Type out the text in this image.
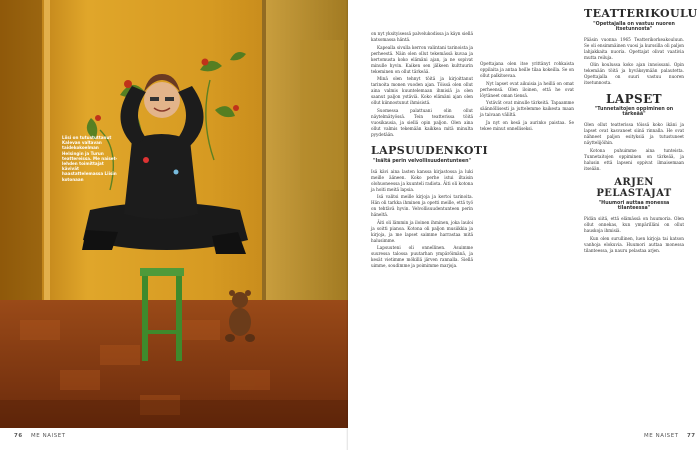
Liisi on tutustuttanut Kalevan valtavan taidekokoelman Helsingin ja Turun teattereissa. Me naiset-lehden toimittajat kävivät haastattelemassa Liisin kotonaan
76 ME NAISET

on nyt yksityisessä palvelukodissa ja käyn siellä katsomassa häntä.

Kapealla sivulla kerron valintani tarinoista ja perheestä. Näin olen ollut tekemässä kuvaa ja kertomusta koko elämäni ajan, ja ne sopivat minulle hyvin. Kaiken sen jälkeen kulttuurin tekeminen on ollut tärkeää.

Minä olen tehnyt töitä ja kirjoittanut tarinoita monen vuoden ajan. Töissä olen ollut aina valmis kuuntelemaan ihmisiä ja olen saanut paljon ystäviä. Koko elämäni ajan olen ollut kiinnostunut ihmisistä.

Suomessa palattuani olin ollut näytelmätyössä. Tein teatterissa töitä vuosikausia, ja siellä opin paljon. Olen aina ollut valmis tekemään kaikkea mitä minulta pyydetään.

LAPSUUDENKOTI
"Isältä perin velvollisuudentunteen"

Isä kävi aina lasten kanssa kirjastossa ja luki meille ääneen. Koko perhe istui iltaisin olohuoneessa ja kuunteli radiota. Äiti oli kotona ja hoiti meitä lapsia.

Isä valitsi meille kirjoja ja kertoi tarinoita. Hän oli tarkka ihminen ja opetti meille, että työ on tehtävä hyvin. Velvollisuudentunteen perin häneltä.

Äiti oli lämmin ja iloinen ihminen, joka lauloi ja soitti pianoa. Kotona oli paljon musiikkia ja kirjoja, ja me lapset saimme harrastaa mitä halusimme.

Lapsuuteni oli onnellinen. Asuimme suuressa talossa puutarhan ympäröimänä, ja kesät vietimme mökillä järven rannalla. Siellä uimme, soudimme ja poimimme marjoja.

Opettajana olen itse yrittänyt rohkaista oppilaita ja antaa heille tilaa kokeilla. Se on ollut palkitsevaa.

Nyt lapset ovat aikuisia ja heillä on omat perheensä. Olen iloinen, että he ovat löytäneet oman tiensä.

Ystävät ovat minulle tärkeitä. Tapaamme säännöllisesti ja juttelemme kaikesta maan ja taivaan väliltä.

Ja nyt on kesä ja aurinko paistaa. Se tekee minut onnelliseksi.

TEATTERIKOULU
"Opettajalla on vastuu nuoren itsetunnosta"

Pääsin vuonna 1965 Teatterikorkeakouluun. Se oli ensimmäinen vuosi ja kurssilla oli paljon lahjakkaita nuoria. Opettajat olivat vaativia mutta reiluja.

Olin koulussa koko ajan innoissani. Opin tekemään töitä ja hyväksymään palautetta. Opettajalla on suuri vastuu nuoren itsetunnosta.

LAPSET
"Tunnetaitojen oppiminen on tärkeää"

Olen ollut teatterissa töissä koko ikäni ja lapset ovat kasvaneet siinä rinnalla. He ovat nähneet paljon esityksiä ja tutustuneet näyttelijöihin.

Kotona puhuimme aina tunteista. Tunnetaitojen oppiminen on tärkeää, ja halusin että lapseni oppivat ilmaisemaan itseään.

ARJEN PELASTAJAT
"Huumori auttaa monessa tilanteessa"

Pidän siitä, että elämässä on huumoria. Olen ollut onnekas, kun ympärilläni on ollut hauskoja ihmisiä.

Kun olen surullinen, luen kirjoja tai katson vanhoja elokuvia. Huumori auttaa monessa tilanteessa, ja nauru pelastaa arjen.

ME NAISET 77
